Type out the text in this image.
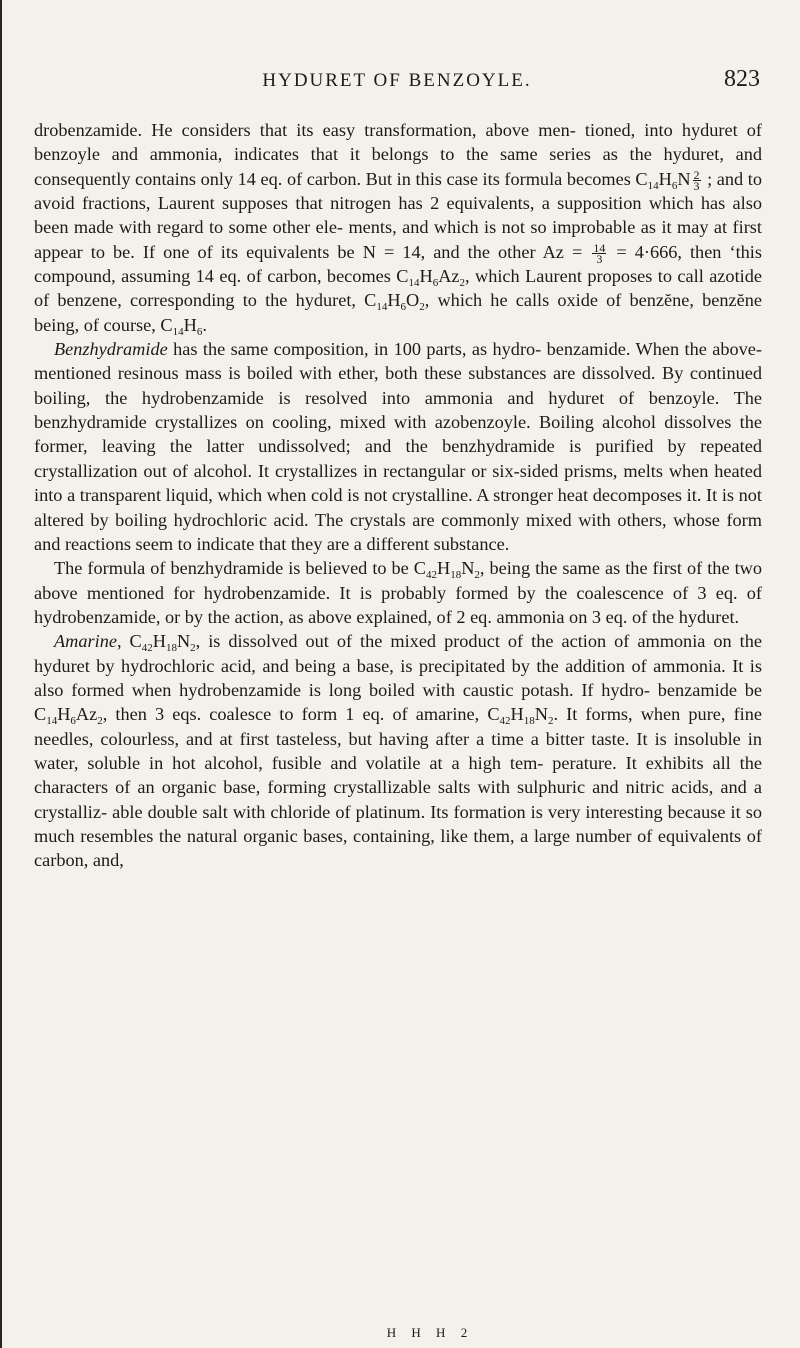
HYDURET OF BENZOYLE.	823

drobenzamide. He considers that its easy transformation, above men- tioned, into hyduret of benzoyle and ammonia, indicates that it belongs to the same series as the hyduret, and consequently contains only 14 eq. of carbon. But in this case its formula becomes $C_{14}H_6N \frac{2}{3}$ ; and to avoid fractions, Laurent supposes that nitrogen has 2 equivalents, a supposition which has also been made with regard to some other ele- ments, and which is not so improbable as it may at first appear to be. If one of its equivalents be N = 14, and the other $Az = \frac{14}{3} = 4\cdot 666$, then ‘this compound, assuming 14 eq. of carbon, becomes $C_{14}H_6Az_2$, which Laurent proposes to call azotide of benzene, corresponding to the hyduret, $C_{14}H_6O_2$, which he calls oxide of benzĕne, benzĕne being, of course, $C_{14}H_6$.

Benzhydramide has the same composition, in 100 parts, as hydro- benzamide. When the above-mentioned resinous mass is boiled with ether, both these substances are dissolved. By continued boiling, the hydrobenzamide is resolved into ammonia and hyduret of benzoyle. The benzhydramide crystallizes on cooling, mixed with azobenzoyle. Boiling alcohol dissolves the former, leaving the latter undissolved; and the benzhydramide is purified by repeated crystallization out of alcohol. It crystallizes in rectangular or six-sided prisms, melts when heated into a transparent liquid, which when cold is not crystalline. A stronger heat decomposes it. It is not altered by boiling hydrochloric acid. The crystals are commonly mixed with others, whose form and reactions seem to indicate that they are a different substance.

The formula of benzhydramide is believed to be $C_{42}H_{18}N_2$, being the same as the first of the two above mentioned for hydrobenzamide. It is probably formed by the coalescence of 3 eq. of hydrobenzamide, or by the action, as above explained, of 2 eq. ammonia on 3 eq. of the hyduret.

Amarine, $C_{42}H_{18}N_2$, is dissolved out of the mixed product of the action of ammonia on the hyduret by hydrochloric acid, and being a base, is precipitated by the addition of ammonia. It is also formed when hydrobenzamide is long boiled with caustic potash. If hydro- benzamide be $C_{14}H_6Az_2$, then 3 eqs. coalesce to form 1 eq. of amarine, $C_{42}H_{18}N_2$. It forms, when pure, fine needles, colourless, and at first tasteless, but having after a time a bitter taste. It is insoluble in water, soluble in hot alcohol, fusible and volatile at a high tem- perature. It exhibits all the characters of an organic base, forming crystallizable salts with sulphuric and nitric acids, and a crystalliz- able double salt with chloride of platinum. Its formation is very interesting because it so much resembles the natural organic bases, containing, like them, a large number of equivalents of carbon, and,

H H H 2
